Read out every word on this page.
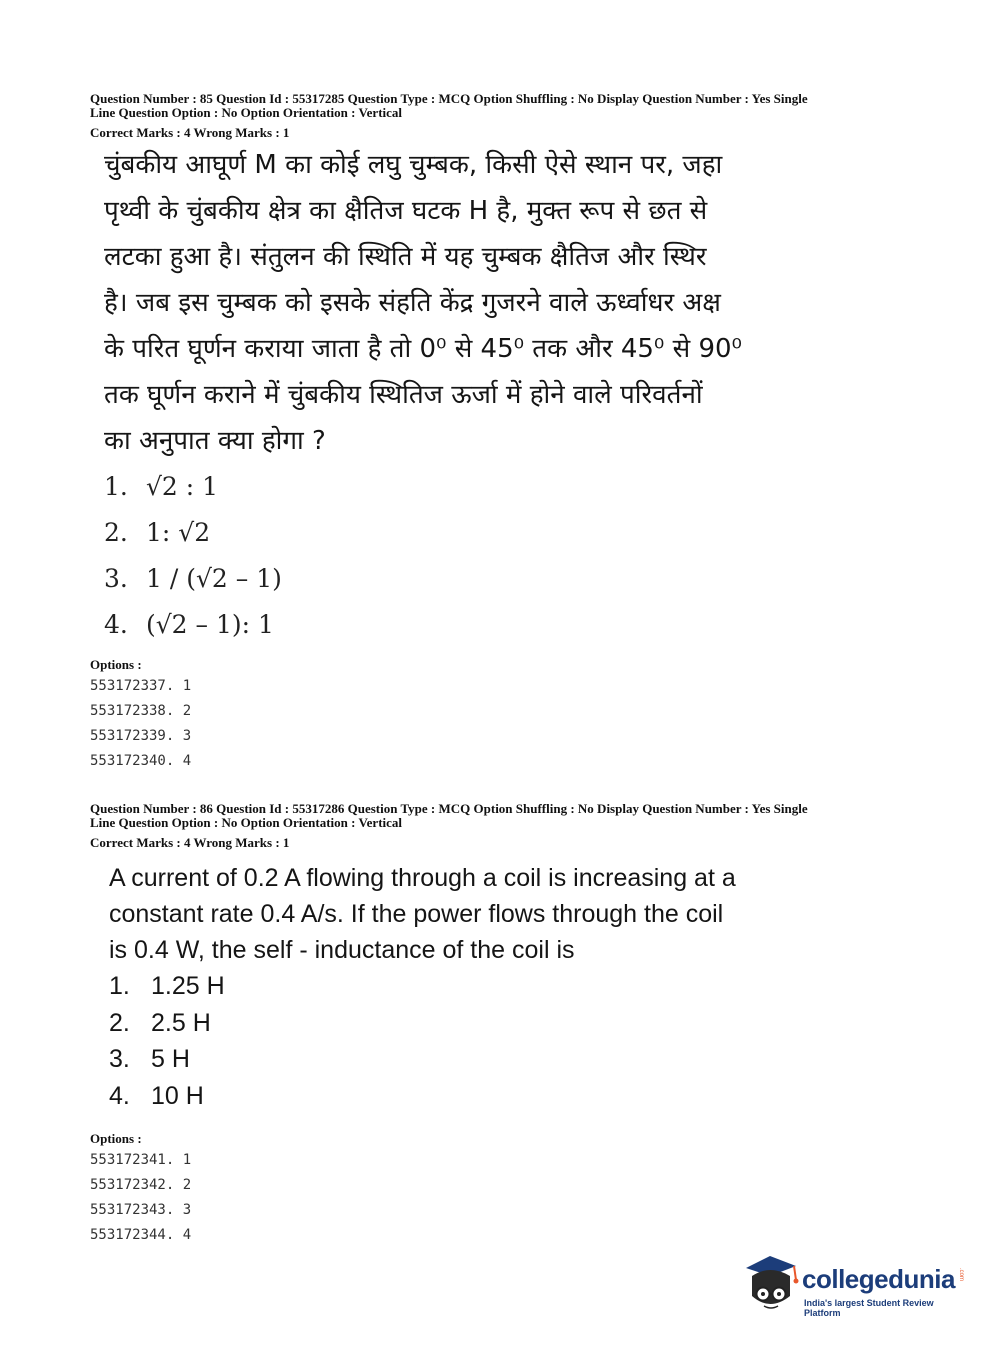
Question Number : 85 Question Id : 55317285 Question Type : MCQ Option Shuffling : No Display Question Number : Yes Single

Line Question Option : No Option Orientation : Vertical

Correct Marks : 4 Wrong Marks : 1

चुंबकीय आघूर्ण M का कोई लघु चुम्बक, किसी ऐसे स्थान पर, जहा

पृथ्वी के चुंबकीय क्षेत्र का क्षैतिज घटक H है, मुक्त रूप से छत से

लटका हुआ है। संतुलन की स्थिति में यह चुम्बक क्षैतिज और स्थिर

है। जब इस चुम्बक को इसके संहति केंद्र गुजरने वाले ऊर्ध्वाधर अक्ष

के परित घूर्णन कराया जाता है तो 0⁰ से 45⁰ तक और 45⁰ से 90⁰

तक घूर्णन कराने में चुंबकीय स्थितिज ऊर्जा में होने वाले परिवर्तनों

का अनुपात क्या होगा ?

1. √2 : 1

2. 1: √2

3. 1 / (√2 – 1)

4. (√2 – 1): 1

Options :

553172337. 1

553172338. 2

553172339. 3

553172340. 4

Question Number : 86 Question Id : 55317286 Question Type : MCQ Option Shuffling : No Display Question Number : Yes Single

Line Question Option : No Option Orientation : Vertical

Correct Marks : 4 Wrong Marks : 1

A current of 0.2 A flowing through a coil is increasing at a

constant rate 0.4 A/s. If the power flows through the coil

is 0.4 W, the self - inductance of the coil is

1. 1.25 H

2. 2.5 H

3. 5 H

4. 10 H

Options :

553172341. 1

553172342. 2

553172343. 3

553172344. 4

collegedunia .com
India's largest Student Review Platform
